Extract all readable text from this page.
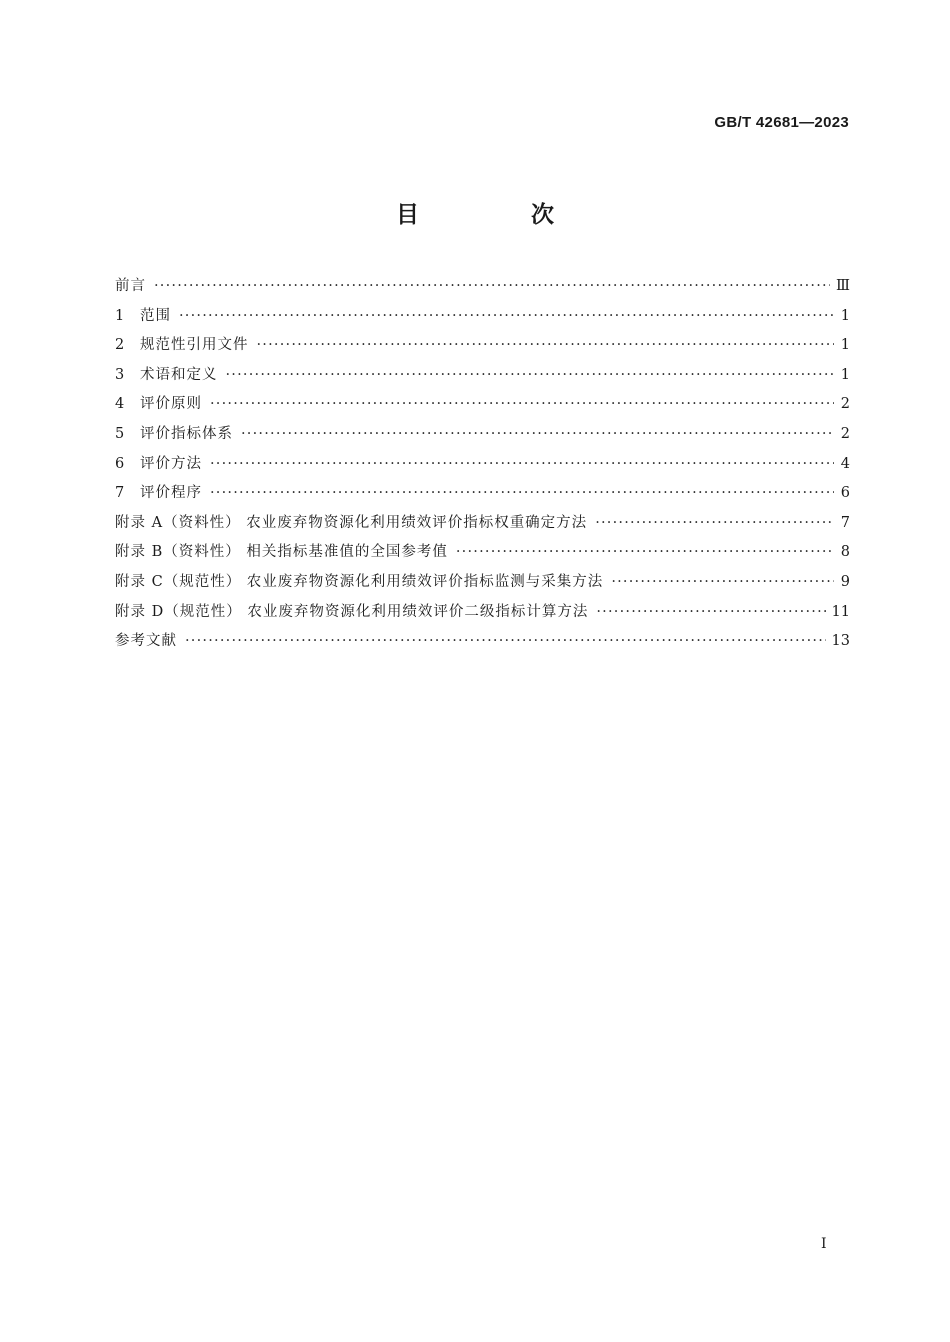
GB/T 42681—2023
目 次
前言 ·····	Ⅲ
1	范围 ·····	1
2	规范性引用文件 ·····	1
3	术语和定义 ·····	1
4	评价原则 ·····	2
5	评价指标体系 ·····	2
6	评价方法 ·····	4
7	评价程序 ·····	6
附录 A（资料性） 农业废弃物资源化利用绩效评价指标权重确定方法 ·····	7
附录 B（资料性） 相关指标基准值的全国参考值 ·····	8
附录 C（规范性） 农业废弃物资源化利用绩效评价指标监测与采集方法 ·····	9
附录 D（规范性） 农业废弃物资源化利用绩效评价二级指标计算方法 ·····	11
参考文献 ·····	13
Ⅰ
